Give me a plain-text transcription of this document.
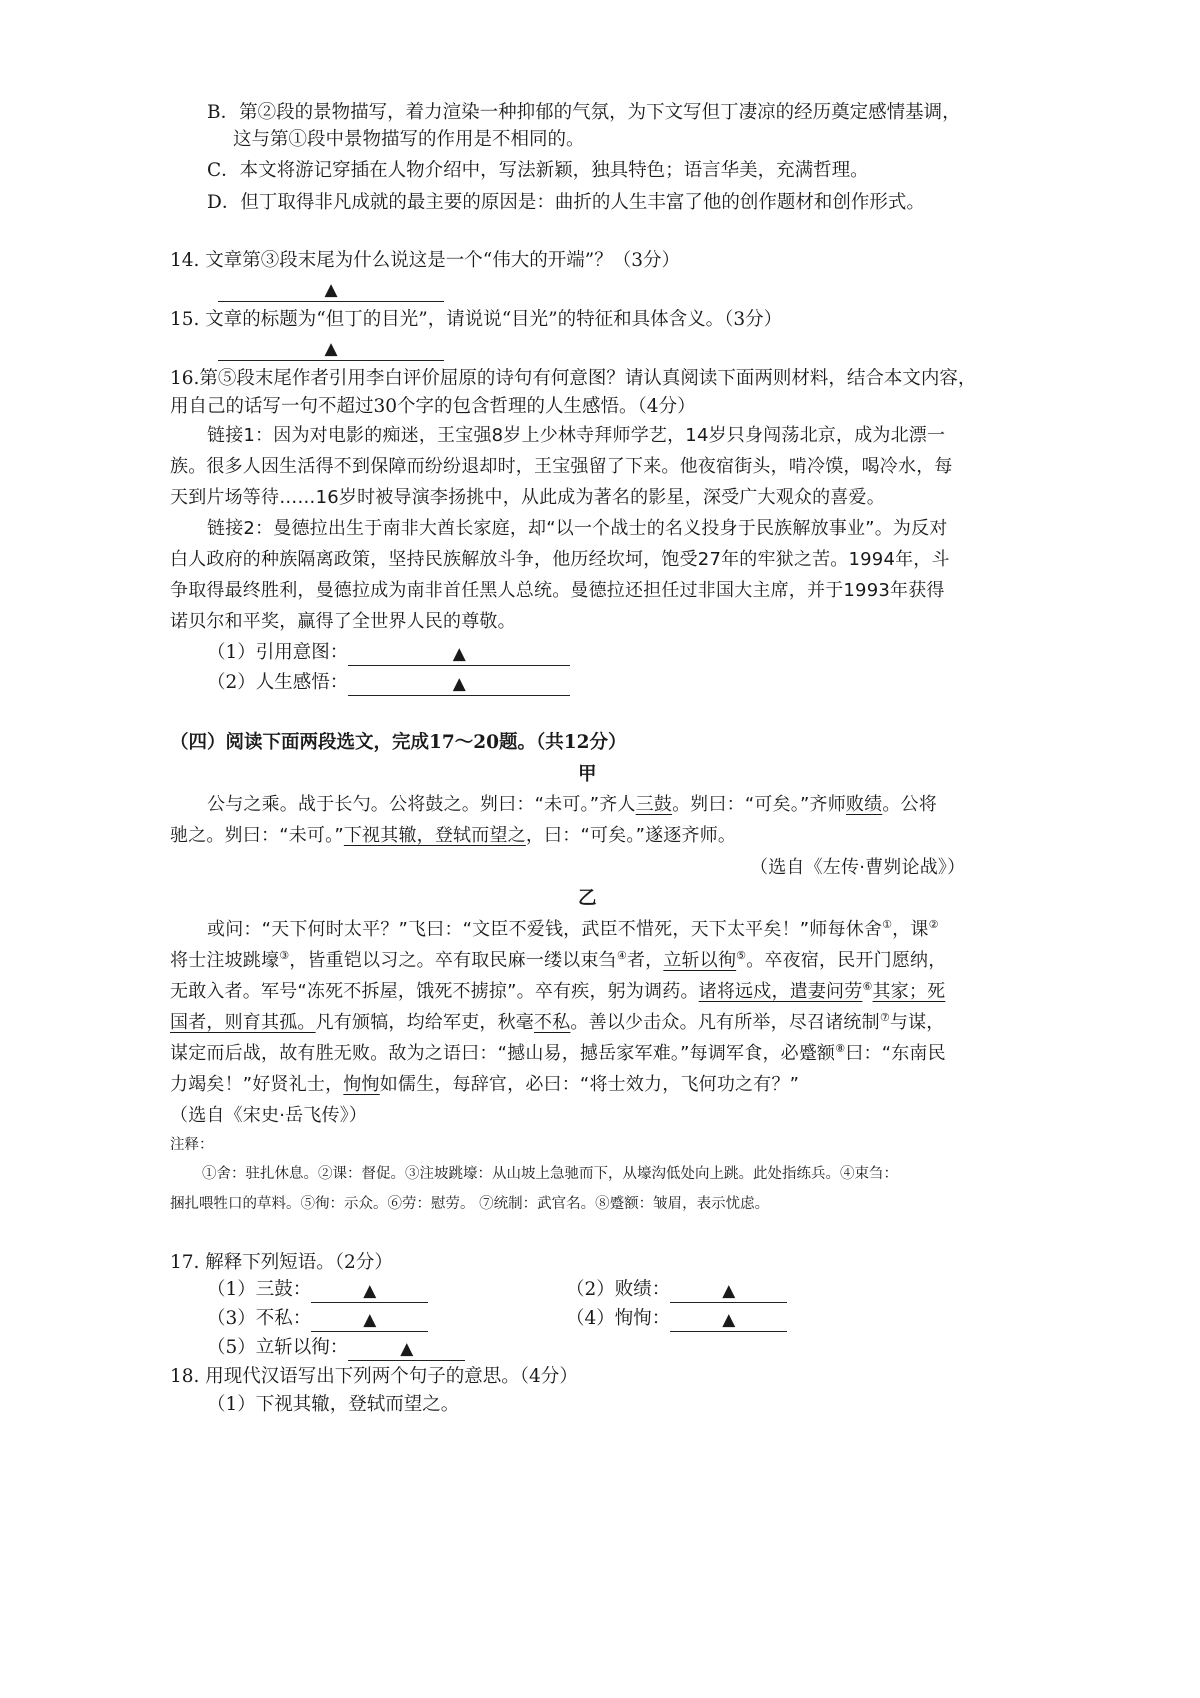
B．第②段的景物描写，着力渲染一种抑郁的气氛，为下文写但丁凄凉的经历奠定感情基调，
这与第①段中景物描写的作用是不相同的。
C．本文将游记穿插在人物介绍中，写法新颖，独具特色；语言华美，充满哲理。
D．但丁取得非凡成就的最主要的原因是：曲折的人生丰富了他的创作题材和创作形式。
14. 文章第③段末尾为什么说这是一个“伟大的开端”？（3分）
▲
15. 文章的标题为“但丁的目光”，请说说“目光”的特征和具体含义。（3分）
▲
16.第⑤段末尾作者引用李白评价屈原的诗句有何意图？请认真阅读下面两则材料，结合本文内容，
用自己的话写一句不超过30个字的包含哲理的人生感悟。（4分）
链接1：因为对电影的痴迷，王宝强8岁上少林寺拜师学艺，14岁只身闯荡北京，成为北漂一
族。很多人因生活得不到保障而纷纷退却时，王宝强留了下来。他夜宿街头，啃冷馍，喝冷水，每
天到片场等待……16岁时被导演李扬挑中，从此成为著名的影星，深受广大观众的喜爱。
链接2：曼德拉出生于南非大酋长家庭，却“以一个战士的名义投身于民族解放事业”。为反对
白人政府的种族隔离政策，坚持民族解放斗争，他历经坎坷，饱受27年的牢狱之苦。1994年，斗
争取得最终胜利，曼德拉成为南非首任黑人总统。曼德拉还担任过非国大主席，并于1993年获得
诺贝尔和平奖，赢得了全世界人民的尊敬。
（1）引用意图：	▲
（2）人生感悟：	▲
（四）阅读下面两段选文，完成17～20题。（共12分）
甲
公与之乘。战于长勺。公将鼓之。刿曰：“未可。”齐人三鼓。刿曰：“可矣。”齐师败绩。公将
驰之。刿曰：“未可。”下视其辙，登轼而望之，曰：“可矣。”遂逐齐师。
（选自《左传·曹刿论战》）
乙
或问：“天下何时太平？”飞曰：“文臣不爱钱，武臣不惜死，天下太平矣！”师每休舍①，课②
将士注坡跳壕③，皆重铠以习之。卒有取民麻一缕以束刍④者，立斩以徇⑤。卒夜宿，民开门愿纳，
无敢入者。军号“冻死不拆屋，饿死不掳掠”。卒有疾，躬为调药。诸将远戍，遣妻问劳⑥其家；死
国者，则育其孤。凡有颁犒，均给军吏，秋毫不私。善以少击众。凡有所举，尽召诸统制⑦与谋，
谋定而后战，故有胜无败。敌为之语曰：“撼山易，撼岳家军难。”每调军食，必蹙额⑧曰：“东南民
力竭矣！”好贤礼士，恂恂如儒生，每辞官，必曰：“将士效力，飞何功之有？”
（选自《宋史·岳飞传》）
注释：
①舍：驻扎休息。②课：督促。③注坡跳壕：从山坡上急驰而下，从壕沟低处向上跳。此处指练兵。④束刍：
捆扎喂牲口的草料。⑤徇：示众。⑥劳：慰劳。 ⑦统制：武官名。⑧蹙额：皱眉，表示忧虑。
17. 解释下列短语。（2分）
（1）三鼓：	▲	（2）败绩：	▲
（3）不私：	▲	（4）恂恂：	▲
（5）立斩以徇：	▲
18. 用现代汉语写出下列两个句子的意思。（4分）
（1）下视其辙，登轼而望之。
